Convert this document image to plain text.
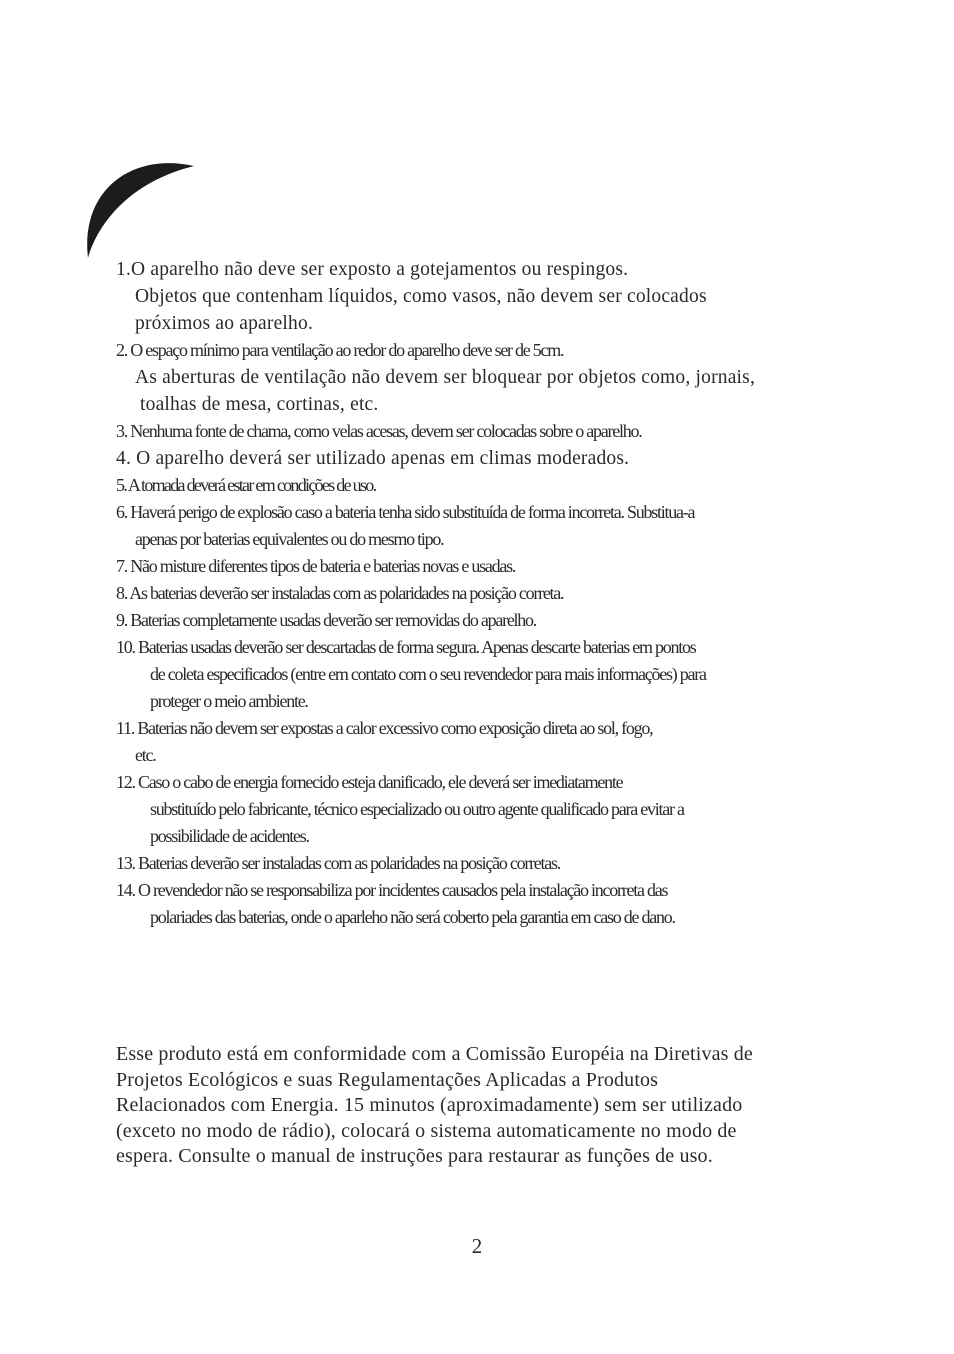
1.O aparelho não deve ser exposto a gotejamentos ou respingos.
Objetos que contenham líquidos, como vasos, não devem ser colocados
próximos ao aparelho.
2. O espaço mínimo para ventilação ao redor do aparelho deve ser de 5cm.
As aberturas de ventilação não devem ser bloquear por objetos como, jornais,
toalhas de mesa, cortinas, etc.
3. Nenhuma fonte de chama, como velas acesas, devem ser colocadas sobre o aparelho.
4. O aparelho deverá ser utilizado apenas em climas moderados.
5. A tomada deverá estar em condições de uso.
6. Haverá perigo de explosão caso a bateria tenha sido substituída de forma incorreta. Substitua-a
apenas por baterias equivalentes ou do mesmo tipo.
7. Não misture diferentes tipos de bateria e baterias novas e usadas.
8. As baterias deverão ser instaladas com as polaridades na posição correta.
9. Baterias completamente usadas deverão ser removidas do aparelho.
10. Baterias usadas deverão ser descartadas de forma segura. Apenas descarte baterias em pontos
de coleta especificados (entre em contato com o seu revendedor para mais informações) para
proteger o meio ambiente.
11. Baterias não devem ser expostas a calor excessivo como exposição direta ao sol, fogo,
etc.
12. Caso o cabo de energia fornecido esteja danificado, ele deverá ser imediatamente
substituído pelo fabricante, técnico especializado ou outro agente qualificado para evitar a
possibilidade de acidentes.
13. Baterias deverão ser instaladas com as polaridades na posição corretas.
14. O revendedor não se responsabiliza por incidentes causados pela instalação incorreta das
polariades das baterias, onde o aparleho não será coberto pela garantia em caso de dano.
Esse produto está em conformidade com a Comissão Européia na Diretivas de
Projetos Ecológicos e suas Regulamentações Aplicadas a Produtos
Relacionados com Energia. 15 minutos (aproximadamente) sem ser utilizado
(exceto no modo de rádio), colocará o sistema automaticamente no modo de
espera. Consulte o manual de instruções para restaurar as funções de uso.
2
